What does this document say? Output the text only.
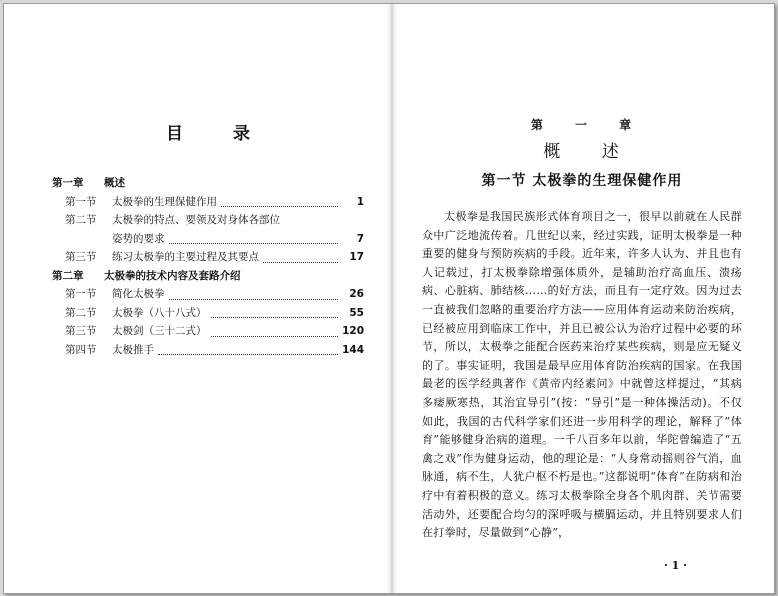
目 录
第一章 概述
第一节 太极拳的生理保健作用	1
第二节 太极拳的特点、要领及对身体各部位
姿势的要求	7
第三节 练习太极拳的主要过程及其要点	17
第二章 太极拳的技术内容及套路介绍
第一节 简化太极拳	26
第二节 太极拳（八十八式）	55
第三节 太极剑（三十二式）	120
第四节 太极推手	144
第 一 章
概 述
第一节 太极拳的生理保健作用
太极拳是我国民族形式体育项目之一，很早以前就在人民群众中广泛地流传着。几世纪以来，经过实践，证明太极拳是一种重要的健身与预防疾病的手段。近年来，许多人认为、并且也有人记载过，打太极拳除增强体质外，是辅助治疗高血压、溃疡病、心脏病、肺结核……的好方法，而且有一定疗效。因为过去一直被我们忽略的重要治疗方法——应用体育运动来防治疾病，已经被应用到临床工作中，并且已被公认为治疗过程中必要的环节，所以，太极拳之能配合医药来治疗某些疾病，则是应无疑义的了。事实证明，我国是最早应用体育防治疾病的国家。在我国最老的医学经典著作《黄帝内经素问》中就曾这样提过，“其病多痿厥寒热，其治宜导引”(按：“导引”是一种体操活动)。不仅如此，我国的古代科学家们还进一步用科学的理论，解释了“体育”能够健身治病的道理。一千八百多年以前，华陀曾编造了“五禽之戏”作为健身运动，他的理论是：“人身常动摇则谷气消，血脉通，病不生，人犹户枢不朽是也。”这都说明“体育”在防病和治疗中有着积极的意义。练习太极拳除全身各个肌肉群、关节需要活动外，还要配合均匀的深呼吸与横膈运动，并且特别要求人们在打拳时，尽量做到“心静”，
· 1 ·
